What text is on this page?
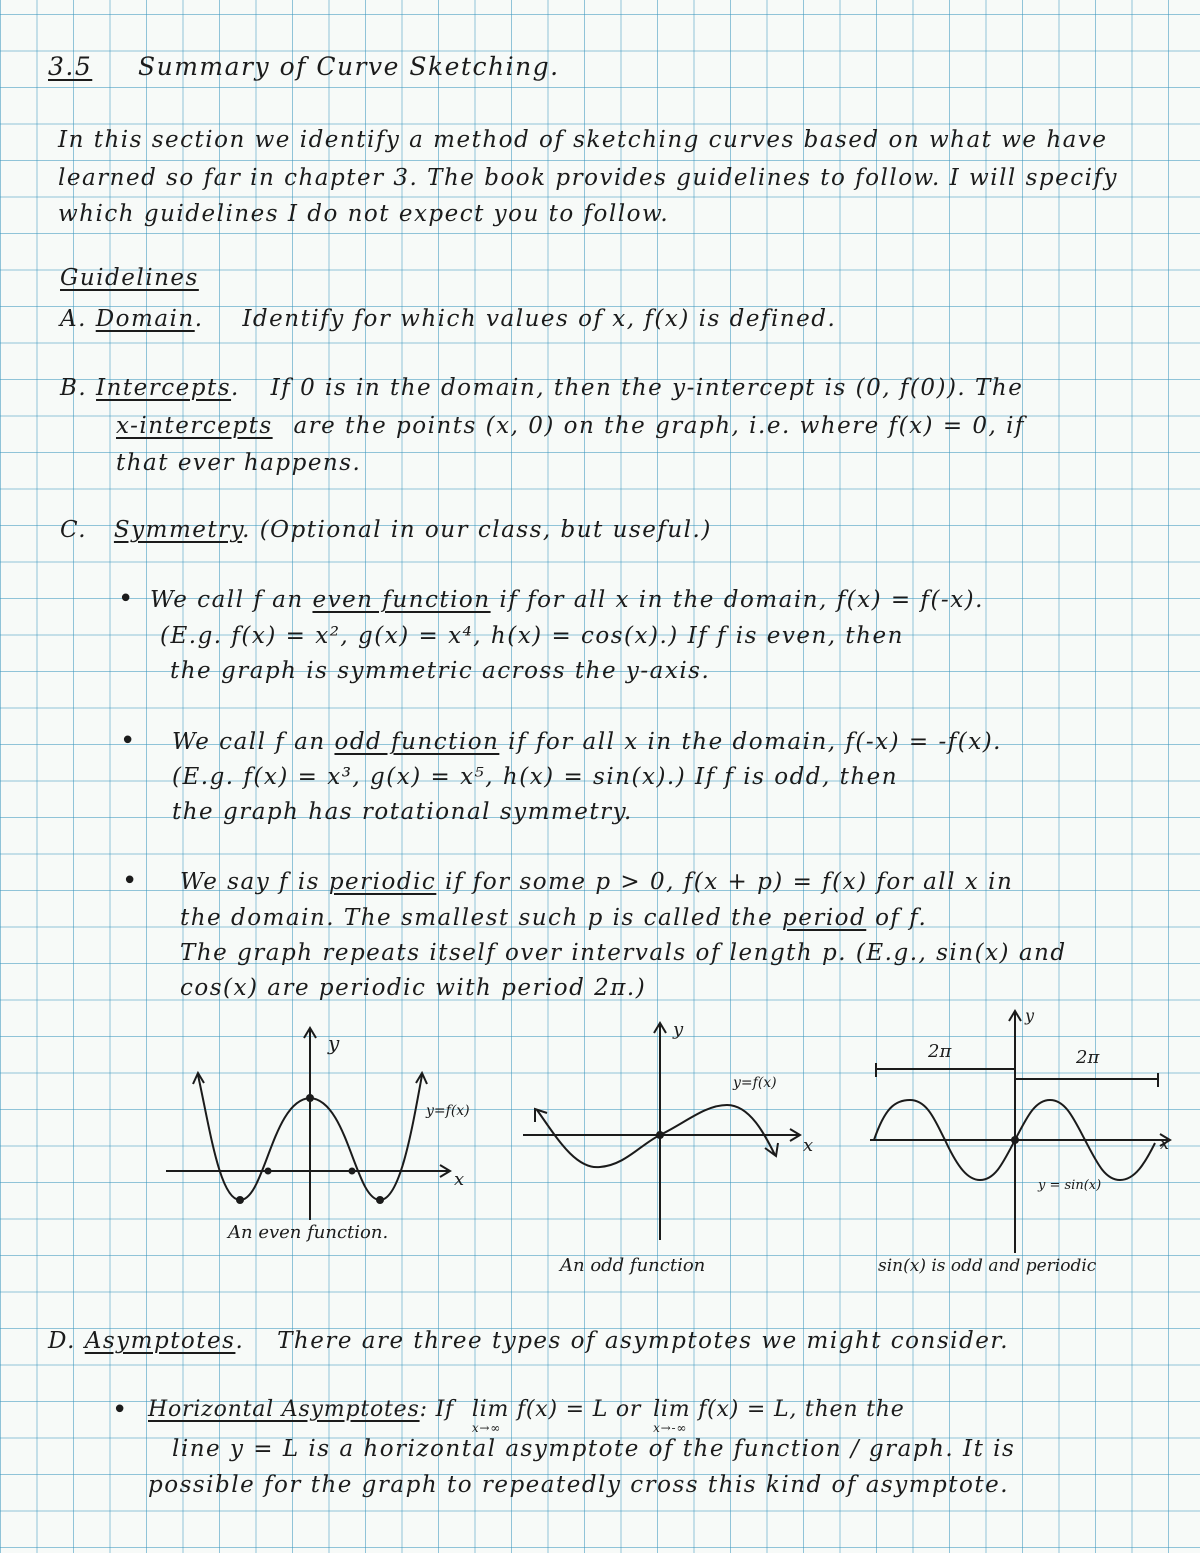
3.5 Summary of Curve Sketching.
In this section we identify a method of sketching curves based on what we have
learned so far in chapter 3. The book provides guidelines to follow. I will specify
which guidelines I do not expect you to follow.
Guidelines
A. Domain. Identify for which values of x, f(x) is defined.
B. Intercepts. If 0 is in the domain, then the y-intercept is (0, f(0)). The
x-intercepts are the points (x, 0) on the graph, i.e. where f(x) = 0, if
that ever happens.
C. Symmetry. (Optional in our class, but useful.)
• We call f an even function if for all x in the domain, f(x) = f(-x).
(E.g. f(x) = x², g(x) = x⁴, h(x) = cos(x).) If f is even, then
the graph is symmetric across the y-axis.
• We call f an odd function if for all x in the domain, f(-x) = -f(x).
(E.g. f(x) = x³, g(x) = x⁵, h(x) = sin(x).) If f is odd, then
the graph has rotational symmetry.
• We say f is periodic if for some p > 0, f(x + p) = f(x) for all x in
the domain. The smallest such p is called the period of f.
The graph repeats itself over intervals of length p. (E.g., sin(x) and
cos(x) are periodic with period 2π.)
y
x
y=f(x)
An even function.
y
x
y=f(x)
An odd function
y
x
2π	2π
y = sin(x)
sin(x) is odd and periodic
D. Asymptotes. There are three types of asymptotes we might consider.
• Horizontal Asymptotes: If lim
x→∞
f(x) = L or lim
x→-∞
f(x) = L, then the
line y = L is a horizontal asymptote of the function / graph. It is
possible for the graph to repeatedly cross this kind of asymptote.
